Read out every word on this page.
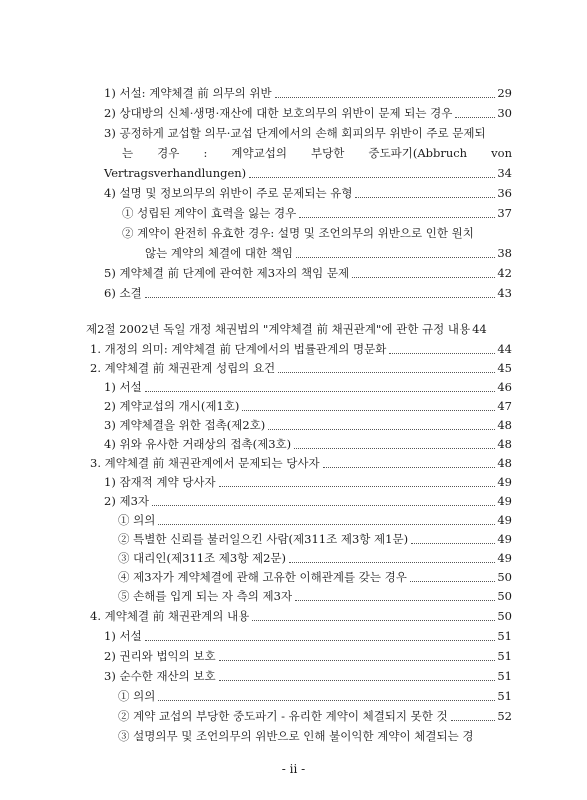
1) 서설: 계약체결 前 의무의 위반	29
2) 상대방의 신체·생명·재산에 대한 보호의무의 위반이 문제 되는 경우	30
3) 공정하게 교섭할 의무·교섭 단계에서의 손해 회피의무 위반이 주로 문제되
는 경우 : 계약교섭의 부당한 중도파기(Abbruch von
Vertragsverhandlungen)	34
4) 설명 및 정보의무의 위반이 주로 문제되는 유형	36
① 성립된 계약이 효력을 잃는 경우	37
② 계약이 완전히 유효한 경우: 설명 및 조언의무의 위반으로 인한 원치
않는 계약의 체결에 대한 책임	38
5) 계약체결 前 단계에 관여한 제3자의 책임 문제	42
6) 소결	43
제2절 2002년 독일 개정 채권법의 "계약체결 前 채권관계"에 관한 규정 내용 44
1. 개정의 의미: 계약체결 前 단계에서의 법률관계의 명문화	44
2. 계약체결 前 채권관계 성립의 요건	45
1) 서설	46
2) 계약교섭의 개시(제1호)	47
3) 계약체결을 위한 접촉(제2호)	48
4) 위와 유사한 거래상의 접촉(제3호)	48
3. 계약체결 前 채권관계에서 문제되는 당사자	48
1) 잠재적 계약 당사자	49
2) 제3자	49
① 의의	49
② 특별한 신뢰를 불러일으킨 사람(제311조 제3항 제1문)	49
③ 대리인(제311조 제3항 제2문)	49
④ 제3자가 계약체결에 관해 고유한 이해관계를 갖는 경우	50
⑤ 손해를 입게 되는 자 측의 제3자	50
4. 계약체결 前 채권관계의 내용	50
1) 서설	51
2) 권리와 법익의 보호	51
3) 순수한 재산의 보호	51
① 의의	51
② 계약 교섭의 부당한 중도파기 - 유리한 계약이 체결되지 못한 것	52
③ 설명의무 및 조언의무의 위반으로 인해 불이익한 계약이 체결되는 경
- ii -
